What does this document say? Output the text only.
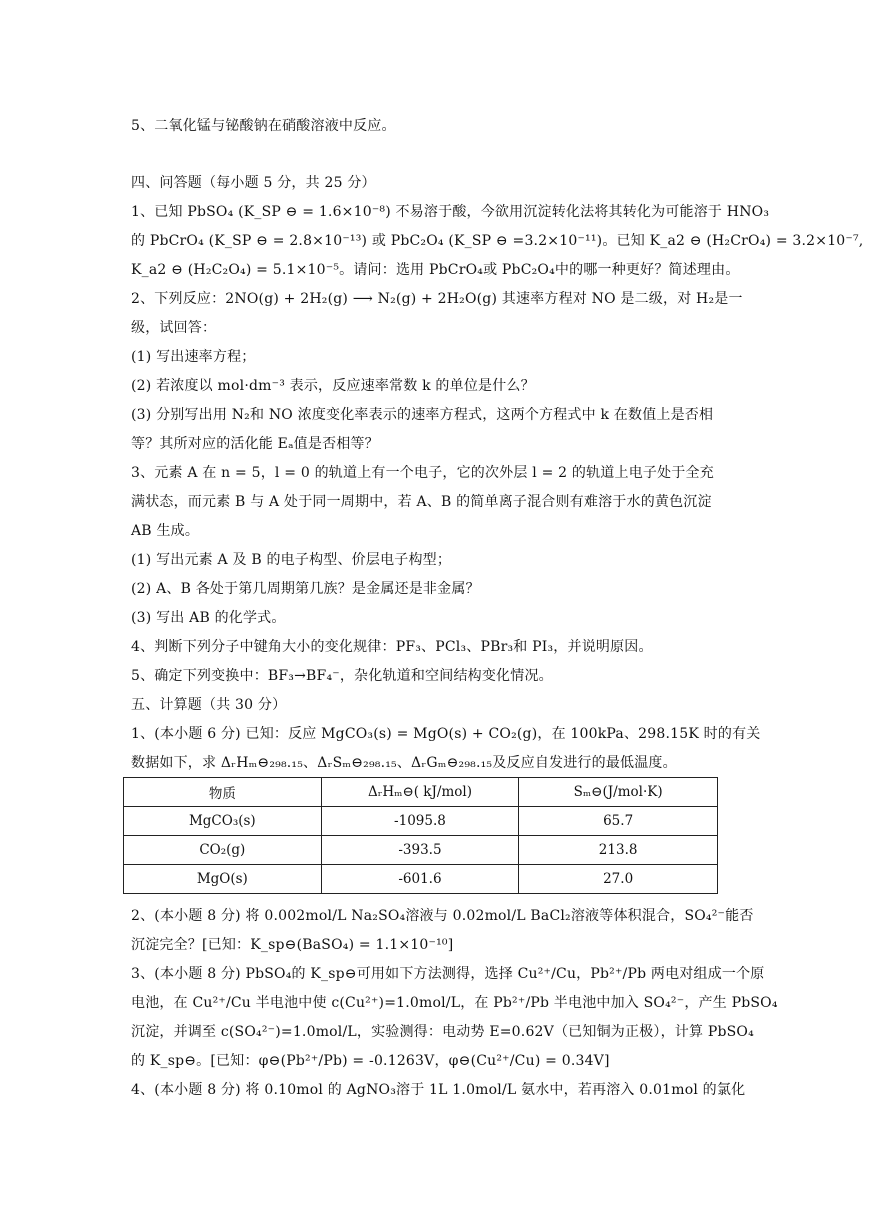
5、二氧化锰与铋酸钠在硝酸溶液中反应。
四、问答题（每小题 5 分，共 25 分）
1、已知 PbSO₄ (K_SP ⊖ = 1.6×10⁻⁸) 不易溶于酸，今欲用沉淀转化法将其转化为可能溶于 HNO₃
的 PbCrO₄ (K_SP ⊖ = 2.8×10⁻¹³) 或 PbC₂O₄ (K_SP ⊖ =3.2×10⁻¹¹)。已知 K_a2 ⊖ (H₂CrO₄) = 3.2×10⁻⁷,
K_a2 ⊖ (H₂C₂O₄) = 5.1×10⁻⁵。请问：选用 PbCrO₄或 PbC₂O₄中的哪一种更好？简述理由。
2、下列反应：2NO(g) + 2H₂(g) ⟶ N₂(g) + 2H₂O(g) 其速率方程对 NO 是二级，对 H₂是一
级，试回答：
(1) 写出速率方程；
(2) 若浓度以 mol·dm⁻³ 表示，反应速率常数 k 的单位是什么？
(3) 分别写出用 N₂和 NO 浓度变化率表示的速率方程式，这两个方程式中 k 在数值上是否相
等？其所对应的活化能 Eₐ值是否相等？
3、元素 A 在 n = 5，l = 0 的轨道上有一个电子，它的次外层 l = 2 的轨道上电子处于全充
满状态，而元素 B 与 A 处于同一周期中，若 A、B 的简单离子混合则有难溶于水的黄色沉淀
AB 生成。
(1) 写出元素 A 及 B 的电子构型、价层电子构型；
(2) A、B 各处于第几周期第几族？是金属还是非金属？
(3) 写出 AB 的化学式。
4、判断下列分子中键角大小的变化规律：PF₃、PCl₃、PBr₃和 PI₃，并说明原因。
5、确定下列变换中：BF₃→BF₄⁻，杂化轨道和空间结构变化情况。
五、计算题（共 30 分）
1、(本小题 6 分) 已知：反应 MgCO₃(s) = MgO(s) + CO₂(g)，在 100kPa、298.15K 时的有关
数据如下，求 ΔᵣHₘ⊖₂₉₈.₁₅、ΔᵣSₘ⊖₂₉₈.₁₅、ΔᵣGₘ⊖₂₉₈.₁₅及反应自发进行的最低温度。
2、(本小题 8 分) 将 0.002mol/L Na₂SO₄溶液与 0.02mol/L BaCl₂溶液等体积混合，SO₄²⁻能否
沉淀完全？[已知：K_sp⊖(BaSO₄) = 1.1×10⁻¹⁰]
3、(本小题 8 分) PbSO₄的 K_sp⊖可用如下方法测得，选择 Cu²⁺/Cu，Pb²⁺/Pb 两电对组成一个原
电池，在 Cu²⁺/Cu 半电池中使 c(Cu²⁺)=1.0mol/L，在 Pb²⁺/Pb 半电池中加入 SO₄²⁻，产生 PbSO₄
沉淀，并调至 c(SO₄²⁻)=1.0mol/L，实验测得：电动势 E=0.62V（已知铜为正极），计算 PbSO₄
的 K_sp⊖。[已知：φ⊖(Pb²⁺/Pb) = -0.1263V，φ⊖(Cu²⁺/Cu) = 0.34V]
4、(本小题 8 分) 将 0.10mol 的 AgNO₃溶于 1L 1.0mol/L 氨水中，若再溶入 0.01mol 的氯化
物质	ΔᵣHₘ⊖( kJ/mol)	Sₘ⊖(J/mol·K)
MgCO₃(s)	-1095.8	65.7
CO₂(g)	-393.5	213.8
MgO(s)	-601.6	27.0
